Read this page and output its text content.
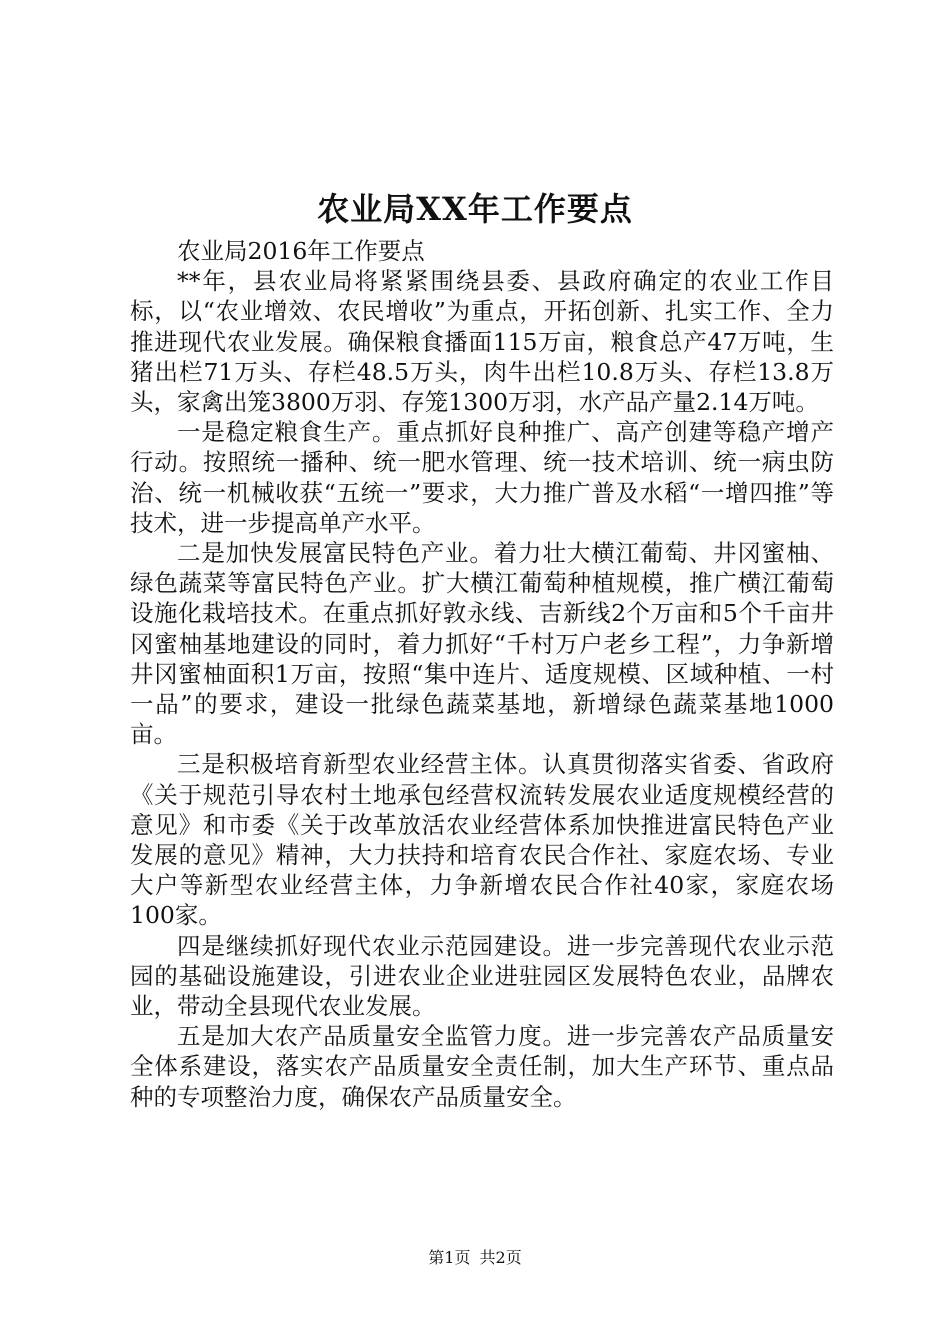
农业局XX年工作要点

农业局2016年工作要点

**年，县农业局将紧紧围绕县委、县政府确定的农业工作目标，以“农业增效、农民增收”为重点，开拓创新、扎实工作、全力推进现代农业发展。确保粮食播面115万亩，粮食总产47万吨，生猪出栏71万头、存栏48.5万头，肉牛出栏10.8万头、存栏13.8万头，家禽出笼3800万羽、存笼1300万羽，水产品产量2.14万吨。

一是稳定粮食生产。重点抓好良种推广、高产创建等稳产增产行动。按照统一播种、统一肥水管理、统一技术培训、统一病虫防治、统一机械收获“五统一”要求，大力推广普及水稻“一增四推”等技术，进一步提高单产水平。

二是加快发展富民特色产业。着力壮大横江葡萄、井冈蜜柚、绿色蔬菜等富民特色产业。扩大横江葡萄种植规模，推广横江葡萄设施化栽培技术。在重点抓好敦永线、吉新线2个万亩和5个千亩井冈蜜柚基地建设的同时，着力抓好“千村万户老乡工程”，力争新增井冈蜜柚面积1万亩，按照“集中连片、适度规模、区域种植、一村一品”的要求，建设一批绿色蔬菜基地，新增绿色蔬菜基地1000亩。

三是积极培育新型农业经营主体。认真贯彻落实省委、省政府《关于规范引导农村土地承包经营权流转发展农业适度规模经营的意见》和市委《关于改革放活农业经营体系加快推进富民特色产业发展的意见》精神，大力扶持和培育农民合作社、家庭农场、专业大户等新型农业经营主体，力争新增农民合作社40家，家庭农场100家。

四是继续抓好现代农业示范园建设。进一步完善现代农业示范园的基础设施建设，引进农业企业进驻园区发展特色农业，品牌农业，带动全县现代农业发展。

五是加大农产品质量安全监管力度。进一步完善农产品质量安全体系建设，落实农产品质量安全责任制，加大生产环节、重点品种的专项整治力度，确保农产品质量安全。

第1页 共2页
